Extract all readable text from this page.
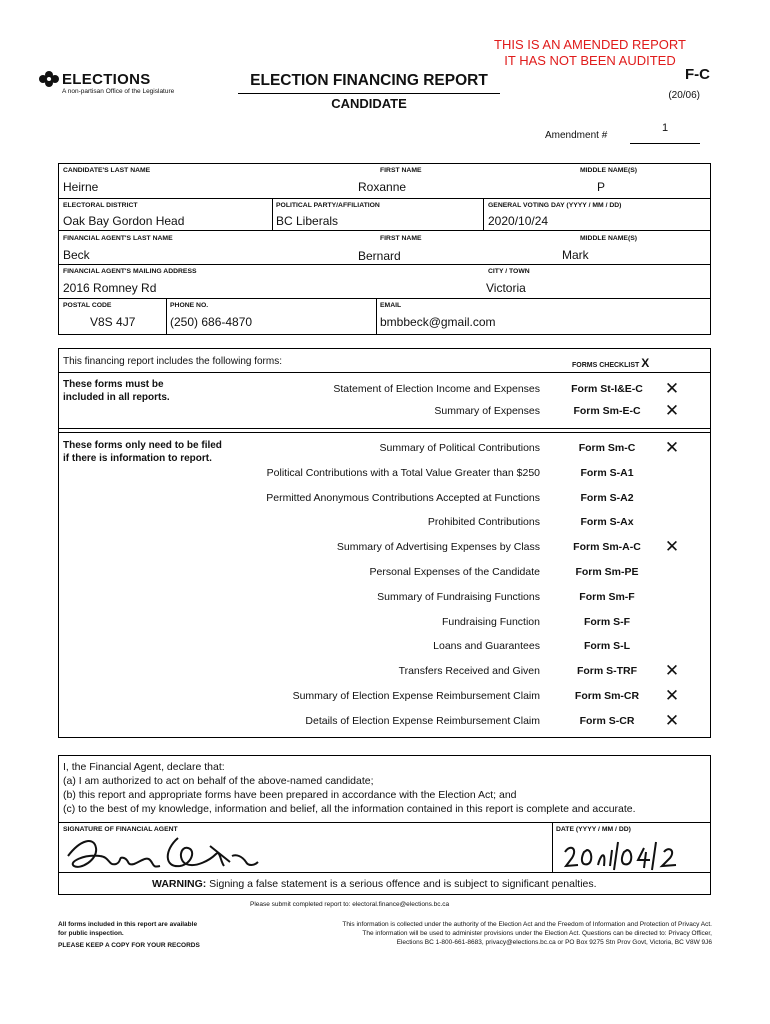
THIS IS AN AMENDED REPORT
IT HAS NOT BEEN AUDITED
ELECTIONS
A non-partisan Office of the Legislature
ELECTION FINANCING REPORT
CANDIDATE
F-C
(20/06)
Amendment #
1
CANDIDATE'S LAST NAME
Heirne
FIRST NAME
Roxanne
MIDDLE NAME(S)
P
ELECTORAL DISTRICT
Oak Bay Gordon Head
POLITICAL PARTY/AFFILIATION
BC Liberals
GENERAL VOTING DAY (YYYY / MM / DD)
2020/10/24
FINANCIAL AGENT'S LAST NAME
Beck
FIRST NAME
Bernard
MIDDLE NAME(S)
Mark
FINANCIAL AGENT'S MAILING ADDRESS
2016 Romney Rd
CITY / TOWN
Victoria
POSTAL CODE
V8S 4J7
PHONE NO.
(250) 686-4870
EMAIL
bmbbeck@gmail.com
This financing report includes the following forms:	FORMS CHECKLIST X
These forms must be
included in all reports.
Statement of Election Income and Expenses	Form St-I&E-C	✕
Summary of Expenses	Form Sm-E-C	✕
These forms only need to be filed
if there is information to report.
Summary of Political Contributions	Form Sm-C	✕
Political Contributions with a Total Value Greater than $250	Form S-A1
Permitted Anonymous Contributions Accepted at Functions	Form S-A2
Prohibited Contributions	Form S-Ax
Summary of Advertising Expenses by Class	Form Sm-A-C	✕
Personal Expenses of the Candidate	Form Sm-PE
Summary of Fundraising Functions	Form Sm-F
Fundraising Function	Form S-F
Loans and Guarantees	Form S-L
Transfers Received and Given	Form S-TRF	✕
Summary of Election Expense Reimbursement Claim	Form Sm-CR	✕
Details of Election Expense Reimbursement Claim	Form S-CR	✕
I, the Financial Agent, declare that:
(a) I am authorized to act on behalf of the above-named candidate;
(b) this report and appropriate forms have been prepared in accordance with the Election Act; and
(c) to the best of my knowledge, information and belief, all the information contained in this report is complete and accurate.
SIGNATURE OF FINANCIAL AGENT	DATE (YYYY / MM / DD)
WARNING: Signing a false statement is a serious offence and is subject to significant penalties.
Please submit completed report to: electoral.finance@elections.bc.ca
All forms included in this report are available
for public inspection.
PLEASE KEEP A COPY FOR YOUR RECORDS
This information is collected under the authority of the Election Act and the Freedom of Information and Protection of Privacy Act.
The information will be used to administer provisions under the Election Act. Questions can be directed to: Privacy Officer,
Elections BC 1-800-661-8683, privacy@elections.bc.ca or PO Box 9275 Stn Prov Govt, Victoria, BC V8W 9J6
